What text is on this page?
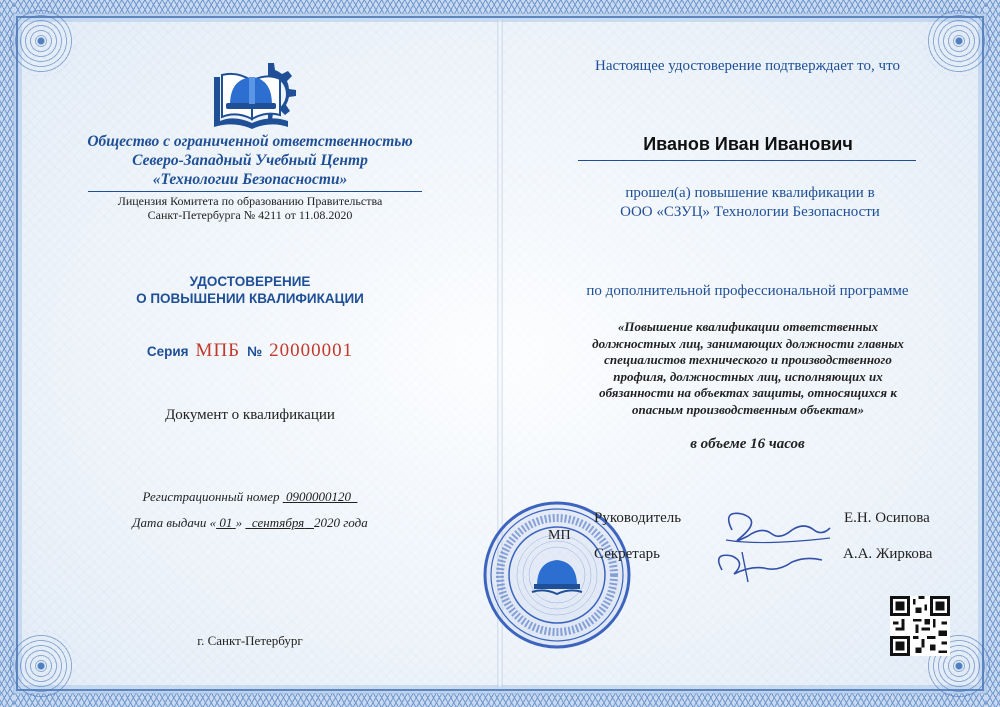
Общество с ограниченной ответственностью
Северо-Западный Учебный Центр
«Технологии Безопасности»
Лицензия Комитета по образованию Правительства
Санкт-Петербурга № 4211 от 11.08.2020
УДОСТОВЕРЕНИЕ
О ПОВЫШЕНИИ КВАЛИФИКАЦИИ
Серия МПБ № 20000001
Документ о квалификации
Регистрационный номер 0900000120
Дата выдачи « 01 »   сентября 2020 года
г. Санкт-Петербург
Настоящее удостоверение подтверждает то, что
Иванов Иван Иванович
прошел(а) повышение квалификации в
ООО «СЗУЦ» Технологии Безопасности
по дополнительной профессиональной программе
«Повышение квалификации ответственных
должностных лиц, занимающих должности главных
специалистов технического и производственного
профиля, должностных лиц, исполняющих их
обязанности на объектах защиты, относящихся к
опасным производственным объектам»
в объеме 16 часов
МП
Руководитель
Секретарь
Е.Н. Осипова
А.А. Жиркова
